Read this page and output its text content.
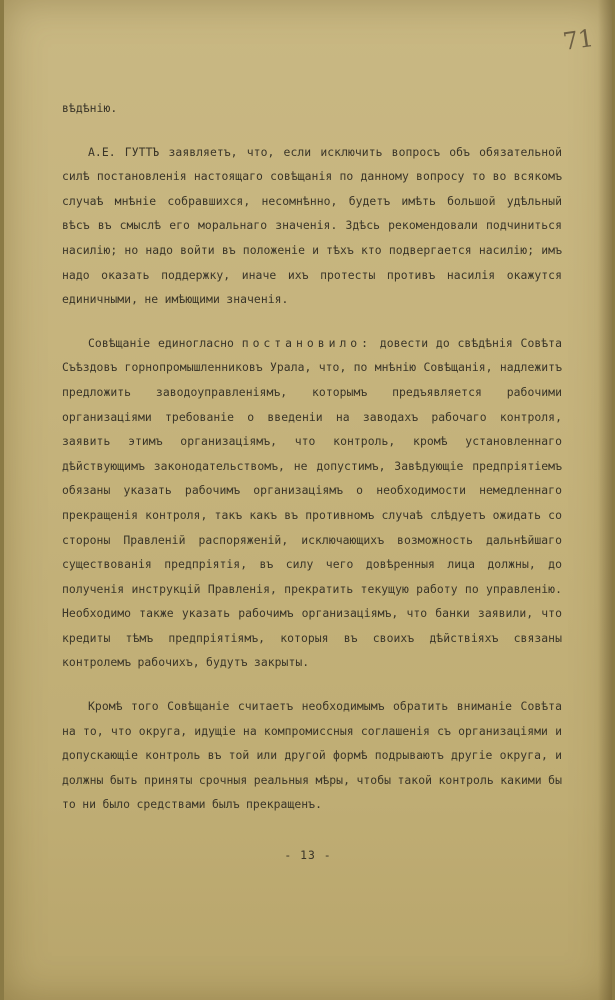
71

вѣдѣнію.

А.Е. ГУТТЪ заявляетъ, что, если исключить вопросъ объ обязательной силѣ постановленія настоящаго совѣщанія по данному вопросу то во всякомъ случаѣ мнѣніе собравшихся, несомнѣнно, будетъ имѣть большой удѣльный вѣсъ въ смыслѣ его моральнаго значенія. Здѣсь рекомендовали подчиниться насилію; но надо войти въ положеніе и тѣхъ кто подвергается насилію; имъ надо оказать поддержку, иначе ихъ протесты противъ насилія окажутся единичными, не имѣющими значенія.

Совѣщаніе единогласно постановило: довести до свѣдѣнія Совѣта Съѣздовъ горнопромышленниковъ Урала, что, по мнѣнію Совѣщанія, надлежитъ предложить заводоуправленіямъ, которымъ предъявляется рабочими организаціями требованіе о введеніи на заводахъ рабочаго контроля, заявить этимъ организаціямъ, что контроль, кромѣ установленнаго дѣйствующимъ законодательствомъ, не допустимъ, Завѣдующіе предпріятіемъ обязаны указать рабочимъ организаціямъ о необходимости немедленнаго прекращенія контроля, такъ какъ въ противномъ случаѣ слѣдуетъ ожидать со стороны Правленій распоряженій, исключающихъ возможность дальнѣйшаго существованія предпріятія, въ силу чего довѣренныя лица должны, до полученія инструкцій Правленія, прекратить текущую работу по управленію. Необходимо также указать рабочимъ организаціямъ, что банки заявили, что кредиты тѣмъ предпріятіямъ, которыя въ своихъ дѣйствіяхъ связаны контролемъ рабочихъ, будутъ закрыты.

Кромѣ того Совѣщаніе считаетъ необходимымъ обратить вниманіе Совѣта на то, что округа, идущіе на компромиссныя соглашенія съ организаціями и допускающіе контроль въ той или другой формѣ подрываютъ другіе округа, и должны быть приняты срочныя реальныя мѣры, чтобы такой контроль какими бы то ни было средствами былъ прекращенъ.

- 13 -
